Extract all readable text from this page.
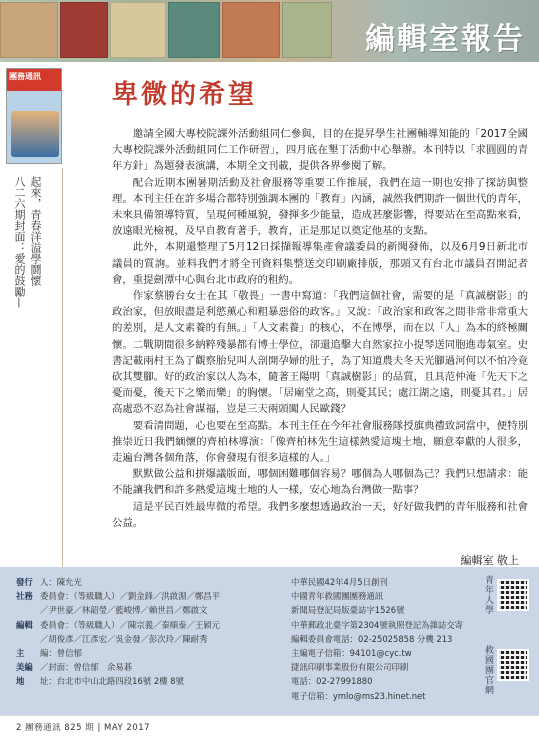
編輯室報告
團務通訊
八二六期封面：愛的鼓勵— 起來，青春洋溢學鬪懷
卑微的希望

邀請全國大專校院課外活動組同仁參與，目的在提昇學生社團輔導知能的「2017全國大專校院課外活動組同仁工作研習」，四月底在墾丁活動中心舉辦。本刊特以「求圓圓的青年方針」為題發表演講，本期全文刊載，提供各界參閱了解。

配合近期本團暑期活動及社會服務等重要工作推展，我們在這一期也安排了探訪與整理。本刊主任在許多場合都特別強調本團的「教育」內涵，誠然我們期許一個世代的青年，未來具備領導特質，呈現何種風貌，發揮多少能量，造成甚麼影響，得要站在至高點來看，放遠眼光檢視，及早自教育著手，教育，正是那足以奠定他基的支點。

此外，本期還整理了5月12日採擷報導集產會議委員的新聞發佈，以及6月9日新北市議員的質詢。並料我們才將全刊資料集整送交印刷廠排版，那頭又有台北市議員召開記者會，重提劍潭中心與台北市政府的租約。

作家蔡勝台女士在其「敬畏」一書中寫道：「我們這個社會，需要的是「真誠樹影」的政治家，但放眼盡是利慾薰心和粗暴惡俗的政客。」又說：「政治家和政客之間非常非常重大的差別，是人文素養的有無。」「人文素養」的核心，不在博學，而在以「人」為本的終極關懷。二戰期間很多納粹殘暴都有博士學位，卻還追擊大自然家拉小提琴送同胞進毒氣室。史書記載兩村王為了觀察胎兒叫人剖開孕婦的肚子，為了知道農夫冬天光腳過河何以不怕冷竟砍其雙腳。好的政治家以人為本，隨著王陽明「真誠樹影」的品質，且具范仲淹「先天下之憂而憂，後天下之樂而樂」的胸懷。「居廟堂之高，則憂其民；處江湖之遠，則憂其君。」居高處恐不忍為社會謀福，豈是三天兩頭闖人民歐錢？

要看清問題，心也要在至高點。本刊主任在今年社會服務隊授旗典禮致詞當中，便特別推崇近日我們緬懷的齊柏林導演：「像齊柏林先生這樣熱愛這塊土地，願意奉獻的人很多，走遍台灣各個角落，你會發現有很多這樣的人。」

默默做公益和拼爆議版面，哪個困難哪個容易？哪個為人哪個為己？我們只想請求：能不能讓我們和許多熱愛這塊土地的人一樣，安心地為台灣做一點事？

這是平民百姓最卑微的希望。我們多麼想透過政治一天，好好做我們的青年服務和社會公益。

編輯室 敬上
發行 人：陳允光
社務 委員會：（等級職人）／劉金鋒／洪啟淵／鄭昌平
／尹世豪／林韶瑩／藍峻博／賴世昌／鄭啟文
編輯 委員會：（等級職人）／陳宗義／秦順泰／王穎元
／胡俊彥／江彥宏／吳金發／彭次玲／陳耐秀
主 編：曾信郁
美編 ／封面：曾信郁　余易碁
地 址：台北市中山北路四段16號 2樓 8號
中華民國42年4月5日創刊
中國青年救國團團務通訊
新聞局登記局版臺誌字1526號
中華郵政北臺字第2304號執照登記為雜誌交寄
編輯委員會電話：02-25025858 分機 213
主編電子信箱：94101@cyc.tw
捷訊印刷事業股份有限公司印刷
電話：02-27991880
電子信箱：ymlo@ms23.hinet.net
青年人學
救國團官網
2 團務通訊 825 期 | MAY 2017
